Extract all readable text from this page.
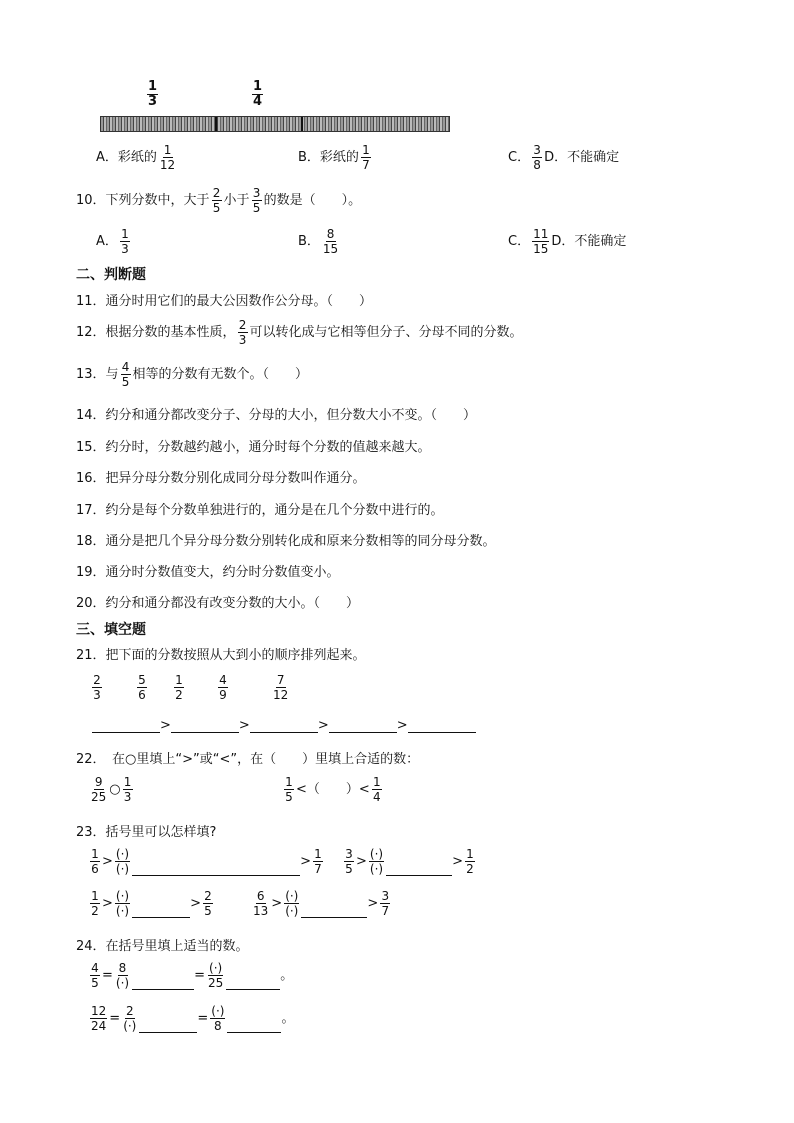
$\frac{1}{3}$	$\frac{1}{4}$
A．彩纸的 $\frac{1}{12}$	B．彩纸的 $\frac{1}{7}$	C． $\frac{3}{8}$ D．不能确定
10．下列分数中，大于 $\frac{2}{5}$ 小于 $\frac{3}{5}$ 的数是（　　）。
A． $\frac{1}{3}$	B． $\frac{8}{15}$	C． $\frac{11}{15}$ D．不能确定
二、判断题
11．通分时用它们的最大公因数作公分母。（　　）
12．根据分数的基本性质， $\frac{2}{3}$ 可以转化成与它相等但分子、分母不同的分数。
13．与 $\frac{4}{5}$ 相等的分数有无数个。（　　）
14．约分和通分都改变分子、分母的大小，但分数大小不变。（　　）
15．约分时，分数越约越小，通分时每个分数的值越来越大。
16．把异分母分数分别化成同分母分数叫作通分。
17．约分是每个分数单独进行的，通分是在几个分数中进行的。
18．通分是把几个异分母分数分别转化成和原来分数相等的同分母分数。
19．通分时分数值变大，约分时分数值变小。
20．约分和通分都没有改变分数的大小。（　　）
三、填空题
21．把下面的分数按照从大到小的顺序排列起来。
$\frac{2}{3}$	$\frac{5}{6} \frac{1}{2}$	$\frac{4}{9}$	$\frac{7}{12}$
>	>	>	>
22．　在○里填上“>”或“<”，在（　　）里填上合适的数：
$\frac{9}{25}$ ○ $\frac{1}{3}$	$\frac{1}{5}$ <（　　）< $\frac{1}{4}$
23．括号里可以怎样填?
$\frac{1}{6} > \frac{(\cdot)}{(\cdot)}$	> $\frac{1}{7} \frac{3}{5} > \frac{(\cdot)}{(\cdot)}$	> $\frac{1}{2}$
$\frac{1}{2} > \frac{(\cdot)}{(\cdot)}$	> $\frac{2}{5}$	$\frac{6}{13} > \frac{(\cdot)}{(\cdot)}$	> $\frac{3}{7}$
24．在括号里填上适当的数。
$\frac{4}{5} = \frac{8}{(\cdot)}$	= $\frac{(\cdot)}{25}$	。
$\frac{12}{24} = \frac{2}{(\cdot)}$	= $\frac{(\cdot)}{8}$	。
